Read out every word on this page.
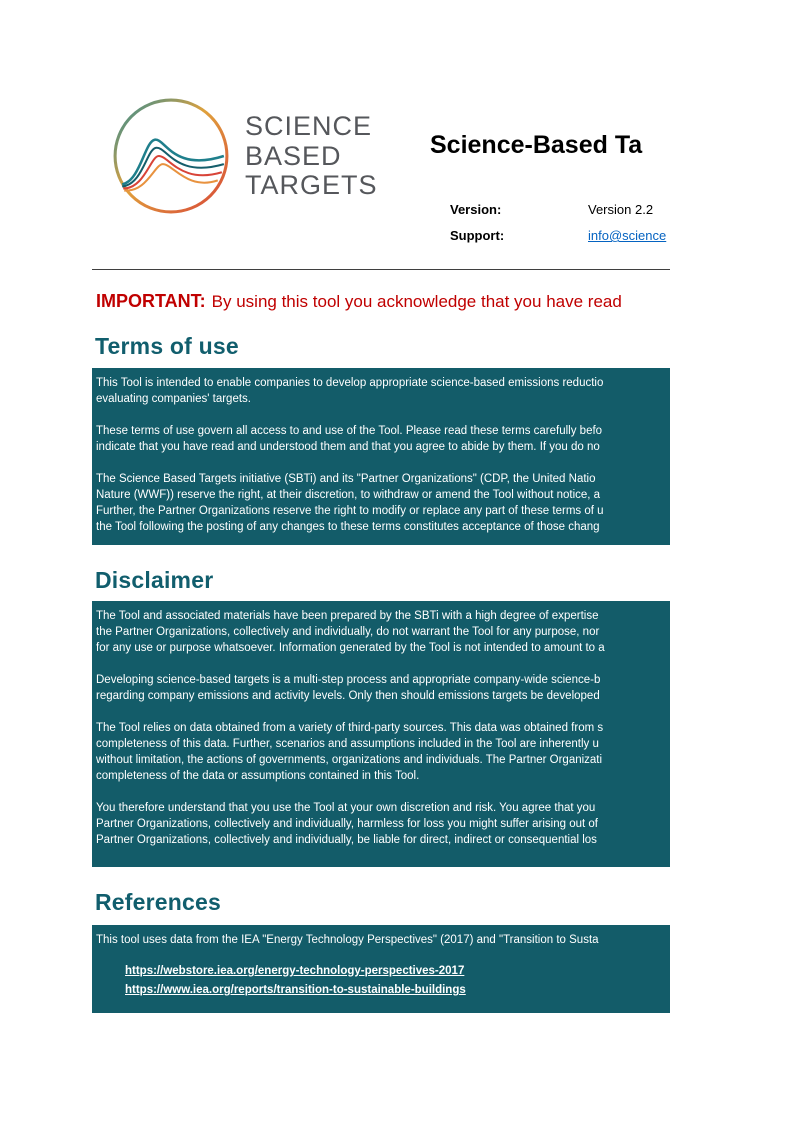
SCIENCE
BASED
TARGETS
Science-Based Ta
Version:	Version 2.2
Support:	info@science
IMPORTANT: By using this tool you acknowledge that you have read
Terms of use
This Tool is intended to enable companies to develop appropriate science-based emissions reductio
evaluating companies' targets.
These terms of use govern all access to and use of the Tool. Please read these terms carefully befo
indicate that you have read and understood them and that you agree to abide by them. If you do no
The Science Based Targets initiative (SBTi) and its "Partner Organizations" (CDP, the United Natio
Nature (WWF)) reserve the right, at their discretion, to withdraw or amend the Tool without notice, a
Further, the Partner Organizations reserve the right to modify or replace any part of these terms of u
the Tool following the posting of any changes to these terms constitutes acceptance of those chang
Disclaimer
The Tool and associated materials have been prepared by the SBTi with a high degree of expertise
the Partner Organizations, collectively and individually, do not warrant the Tool for any purpose, nor
for any use or purpose whatsoever. Information generated by the Tool is not intended to amount to a
Developing science-based targets is a multi-step process and appropriate company-wide science-b
regarding company emissions and activity levels. Only then should emissions targets be developed
The Tool relies on data obtained from a variety of third-party sources. This data was obtained from s
completeness of this data. Further, scenarios and assumptions included in the Tool are inherently u
without limitation, the actions of governments, organizations and individuals. The Partner Organizati
completeness of the data or assumptions contained in this Tool.
You therefore understand that you use the Tool at your own discretion and risk. You agree that you
Partner Organizations, collectively and individually, harmless for loss you might suffer arising out of
Partner Organizations, collectively and individually, be liable for direct, indirect or consequential los
References
This tool uses data from the IEA "Energy Technology Perspectives" (2017) and "Transition to Susta
https://webstore.iea.org/energy-technology-perspectives-2017
https://www.iea.org/reports/transition-to-sustainable-buildings
